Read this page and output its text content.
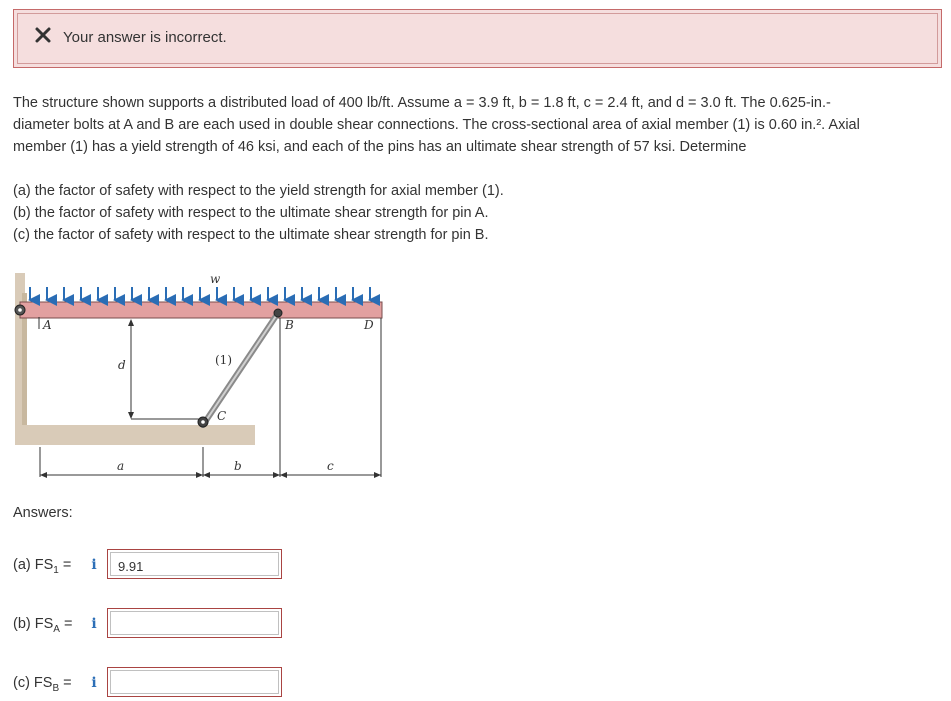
Your answer is incorrect.
The structure shown supports a distributed load of 400 lb/ft. Assume a = 3.9 ft, b = 1.8 ft, c = 2.4 ft, and d = 3.0 ft. The 0.625-in.-
diameter bolts at A and B are each used in double shear connections. The cross-sectional area of axial member (1) is 0.60 in.². Axial
member (1) has a yield strength of 46 ksi, and each of the pins has an ultimate shear strength of 57 ksi. Determine
(a) the factor of safety with respect to the yield strength for axial member (1).
(b) the factor of safety with respect to the ultimate shear strength for pin A.
(c) the factor of safety with respect to the ultimate shear strength for pin B.
w
A
(1)
C
B	D
d
a	b	c
Answers:
(a) $FS_1$ =	i	9.91
(b) $FS_A$ =	i
(c) $FS_B$ =	i
